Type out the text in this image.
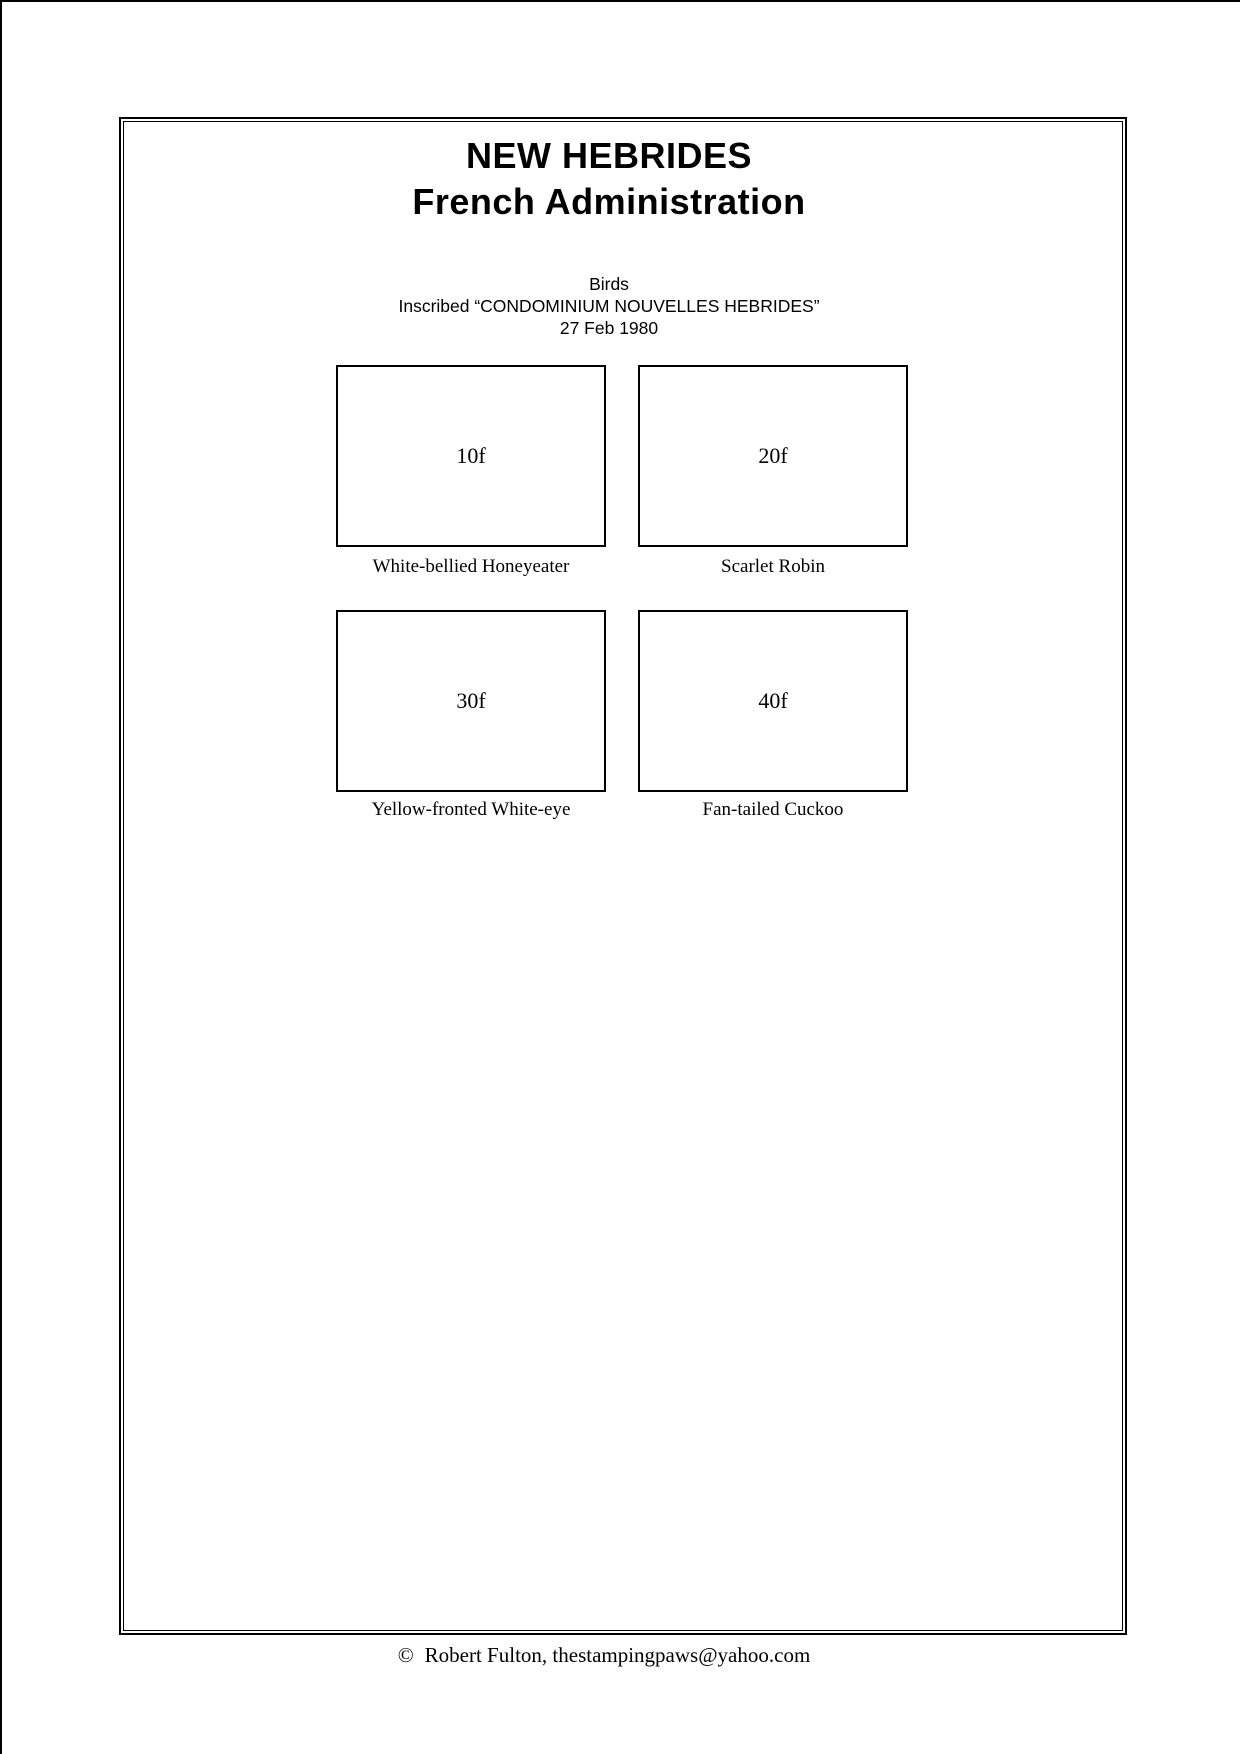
NEW HEBRIDES
French Administration
Birds
Inscribed “CONDOMINIUM NOUVELLES HEBRIDES”
27 Feb 1980
10f	20f
White-bellied Honeyeater	Scarlet Robin
30f	40f
Yellow-fronted White-eye	Fan-tailed Cuckoo
© Robert Fulton, thestampingpaws@yahoo.com
